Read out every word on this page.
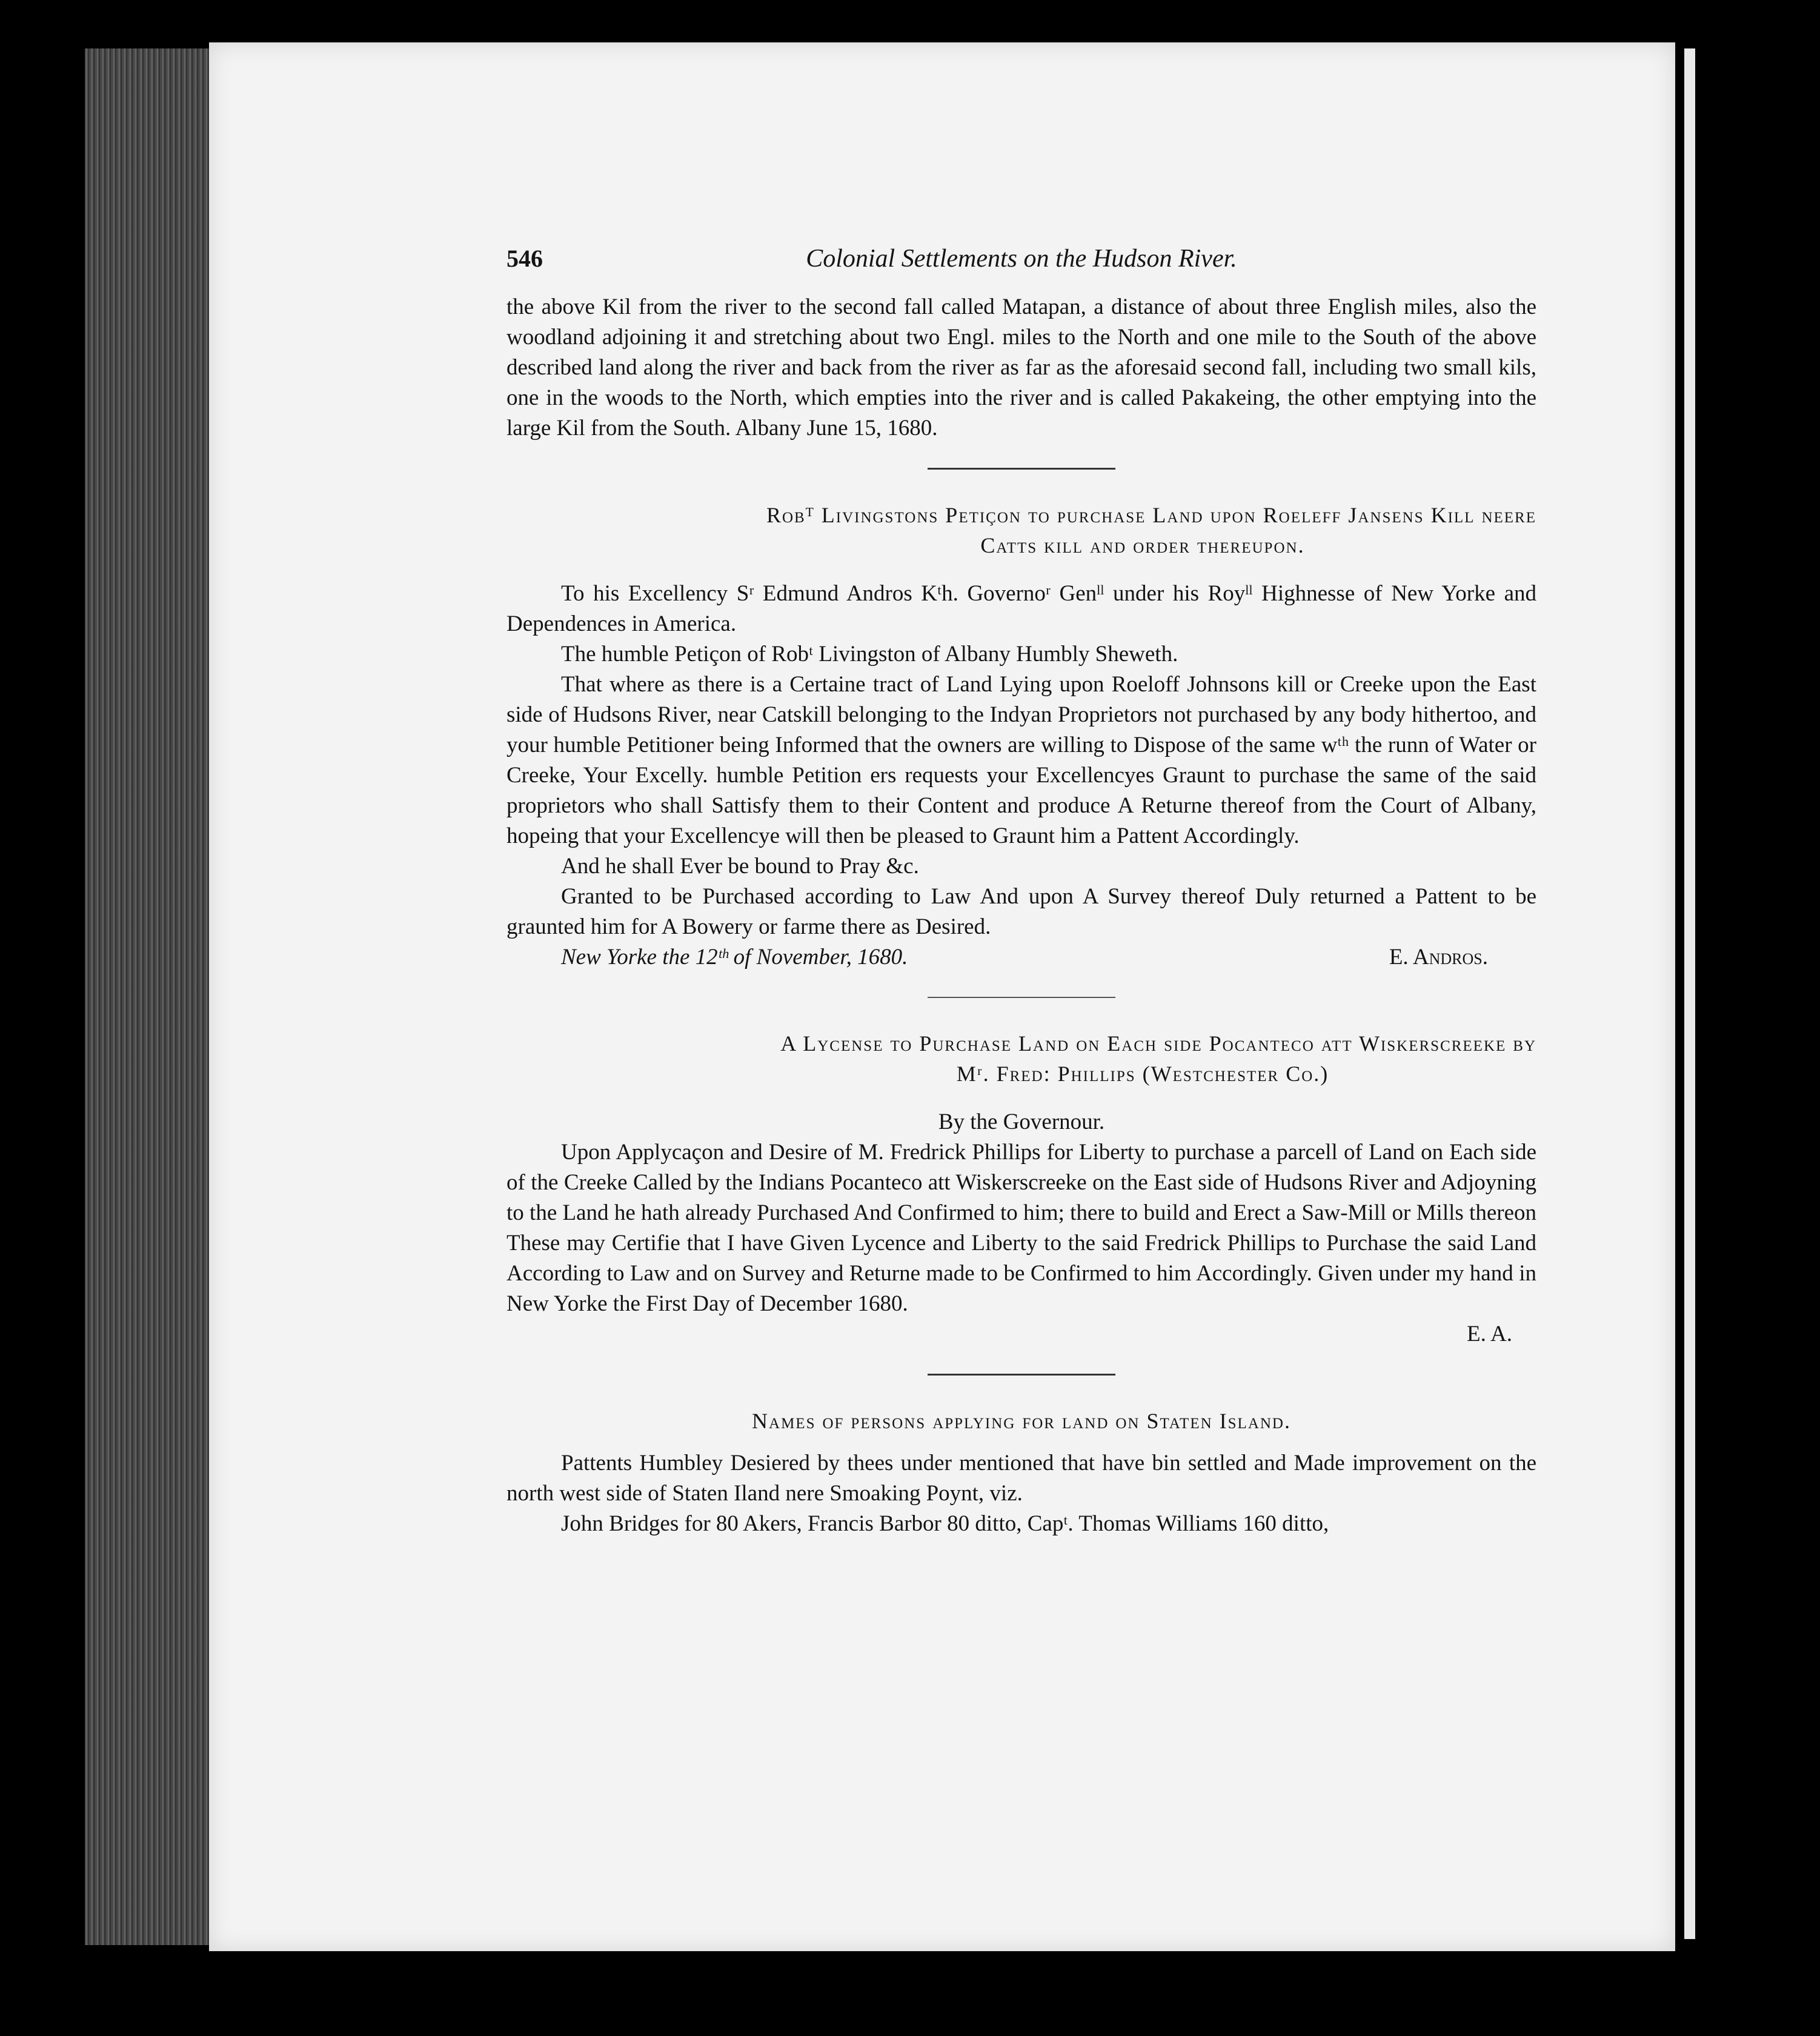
546	Colonial Settlements on the Hudson River.

the above Kil from the river to the second fall called Matapan, a distance of about three English miles, also the woodland adjoining it and stretching about two Engl. miles to the North and one mile to the South of the above described land along the river and back from the river as far as the aforesaid second fall, including two small kils, one in the woods to the North, which empties into the river and is called Pakakeing, the other emptying into the large Kil from the South. Albany June 15, 1680.

Robᵀ Livingstons Petiçon to purchase Land upon Roeleff Jansens Kill neere
Catts kill and order thereupon.

To his Excellency Sʳ Edmund Andros Kᵗh. Governoʳ Genˡˡ under his Royˡˡ Highnesse of New Yorke and Dependences in America.

The humble Petiçon of Robᵗ Livingston of Albany Humbly Sheweth.

That where as there is a Certaine tract of Land Lying upon Roeloff Johnsons kill or Creeke upon the East side of Hudsons River, near Catskill belonging to the Indyan Proprietors not purchased by any body hithertoo, and your humble Petitioner being Informed that the owners are willing to Dispose of the same wᵗʰ the runn of Water or Creeke, Your Excelly. humble Petition ers requests your Excellencyes Graunt to purchase the same of the said proprietors who shall Sattisfy them to their Content and produce A Returne thereof from the Court of Albany, hopeing that your Excellencye will then be pleased to Graunt him a Pattent Accordingly.

And he shall Ever be bound to Pray &c.

Granted to be Purchased according to Law And upon A Survey thereof Duly returned a Pattent to be graunted him for A Bowery or farme there as Desired.

New Yorke the 12ᵗʰ of November, 1680.	E. Andros.
A Lycense to Purchase Land on Each side Pocanteco att Wiskerscreeke by
Mʳ. Fred: Phillips (Westchester Co.)

By the Governour.

Upon Applycaçon and Desire of M. Fredrick Phillips for Liberty to purchase a parcell of Land on Each side of the Creeke Called by the Indians Pocanteco att Wiskerscreeke on the East side of Hudsons River and Adjoyning to the Land he hath already Purchased And Confirmed to him; there to build and Erect a Saw-Mill or Mills thereon These may Certifie that I have Given Lycence and Liberty to the said Fredrick Phillips to Purchase the said Land According to Law and on Survey and Returne made to be Confirmed to him Accordingly. Given under my hand in New Yorke the First Day of December 1680.

E. A.

Names of persons applying for land on Staten Island.

Pattents Humbley Desiered by thees under mentioned that have bin settled and Made improvement on the north west side of Staten Iland nere Smoaking Poynt, viz.

John Bridges for 80 Akers, Francis Barbor 80 ditto, Capᵗ. Thomas Williams 160 ditto,
